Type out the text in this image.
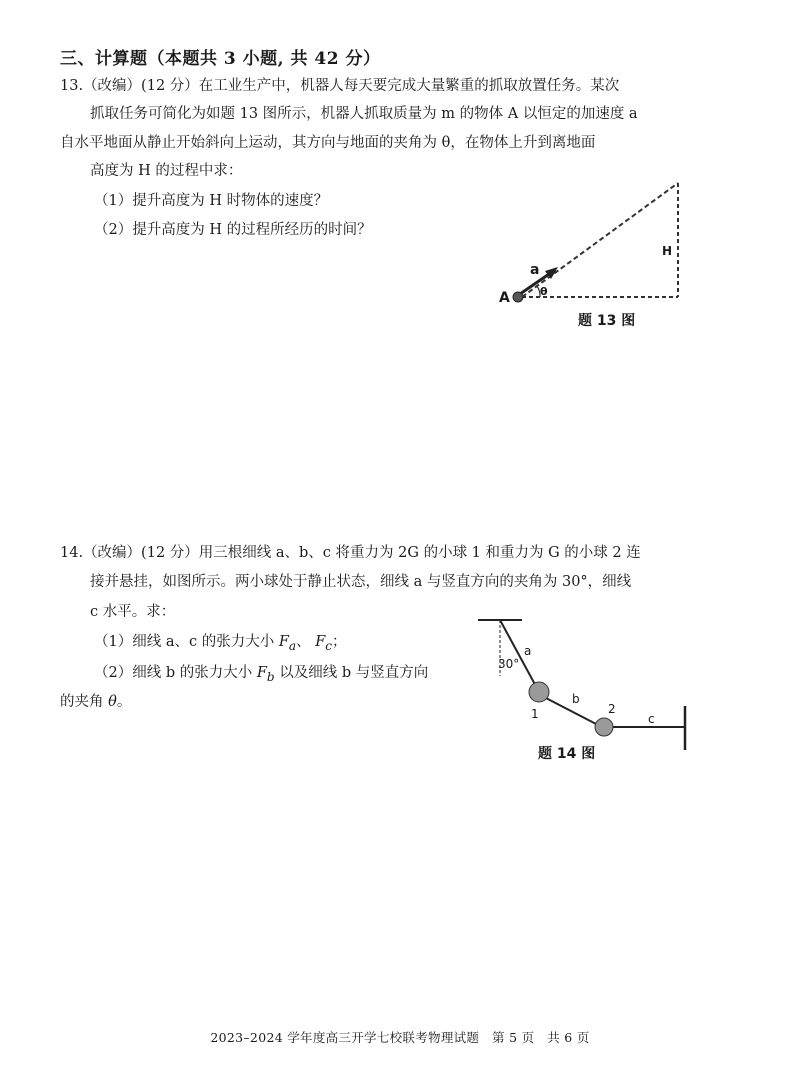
三、计算题（本题共 3 小题, 共 42 分）
13.（改编）(12 分）在工业生产中，机器人每天要完成大量繁重的抓取放置任务。某次
抓取任务可简化为如题 13 图所示，机器人抓取质量为 m 的物体 A 以恒定的加速度 a
自水平地面从静止开始斜向上运动，其方向与地面的夹角为 θ，在物体上升到离地面
高度为 H 的过程中求：
（1）提升高度为 H 时物体的速度？
（2）提升高度为 H 的过程所经历的时间？
a
A	θ
H
题 13 图
14.（改编）(12 分）用三根细线 a、b、c 将重力为 2G 的小球 1 和重力为 G 的小球 2 连
接并悬挂，如图所示。两小球处于静止状态，细线 a 与竖直方向的夹角为 30°，细线
c 水平。求：
（1）细线 a、c 的张力大小 $F_a$、 $F_c$；
（2）细线 b 的张力大小 $F_b$ 以及细线 b 与竖直方向
的夹角 θ。
30°
a
b
c
1	2
题 14 图
2023–2024 学年度高三开学七校联考物理试题　第 5 页　共 6 页
